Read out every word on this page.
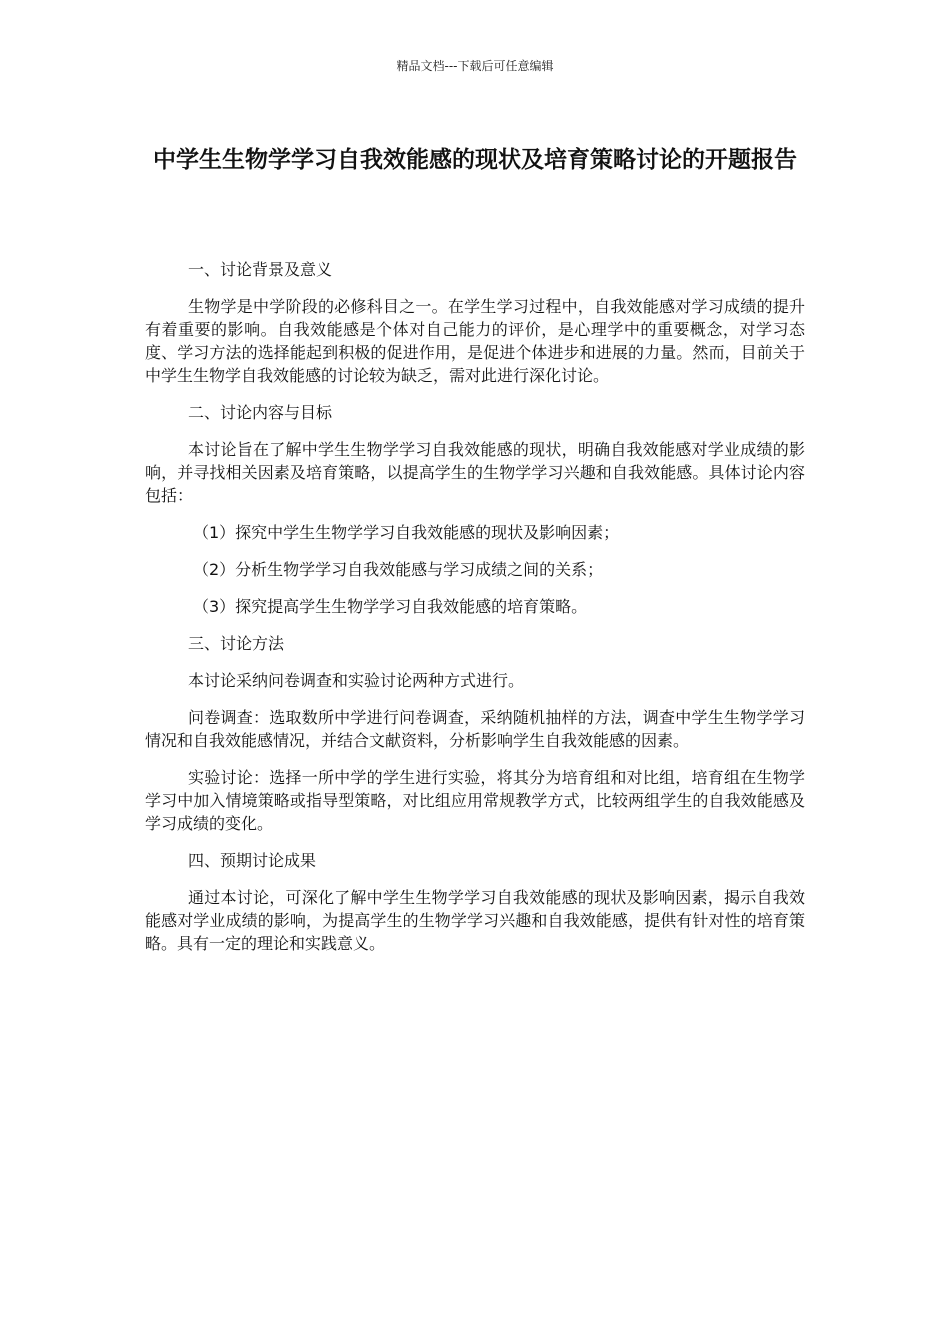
精品文档---下载后可任意编辑
中学生生物学学习自我效能感的现状及培育策略讨论的开题报告

一、讨论背景及意义

生物学是中学阶段的必修科目之一。在学生学习过程中，自我效能感对学习成绩的提升有着重要的影响。自我效能感是个体对自己能力的评价，是心理学中的重要概念，对学习态度、学习方法的选择能起到积极的促进作用，是促进个体进步和进展的力量。然而，目前关于中学生生物学自我效能感的讨论较为缺乏，需对此进行深化讨论。

二、讨论内容与目标

本讨论旨在了解中学生生物学学习自我效能感的现状，明确自我效能感对学业成绩的影响，并寻找相关因素及培育策略，以提高学生的生物学学习兴趣和自我效能感。具体讨论内容包括：

（1）探究中学生生物学学习自我效能感的现状及影响因素；

（2）分析生物学学习自我效能感与学习成绩之间的关系；

（3）探究提高学生生物学学习自我效能感的培育策略。

三、讨论方法

本讨论采纳问卷调查和实验讨论两种方式进行。

问卷调查：选取数所中学进行问卷调查，采纳随机抽样的方法，调查中学生生物学学习情况和自我效能感情况，并结合文献资料，分析影响学生自我效能感的因素。

实验讨论：选择一所中学的学生进行实验，将其分为培育组和对比组，培育组在生物学学习中加入情境策略或指导型策略，对比组应用常规教学方式，比较两组学生的自我效能感及学习成绩的变化。

四、预期讨论成果

通过本讨论，可深化了解中学生生物学学习自我效能感的现状及影响因素，揭示自我效能感对学业成绩的影响，为提高学生的生物学学习兴趣和自我效能感，提供有针对性的培育策略。具有一定的理论和实践意义。
